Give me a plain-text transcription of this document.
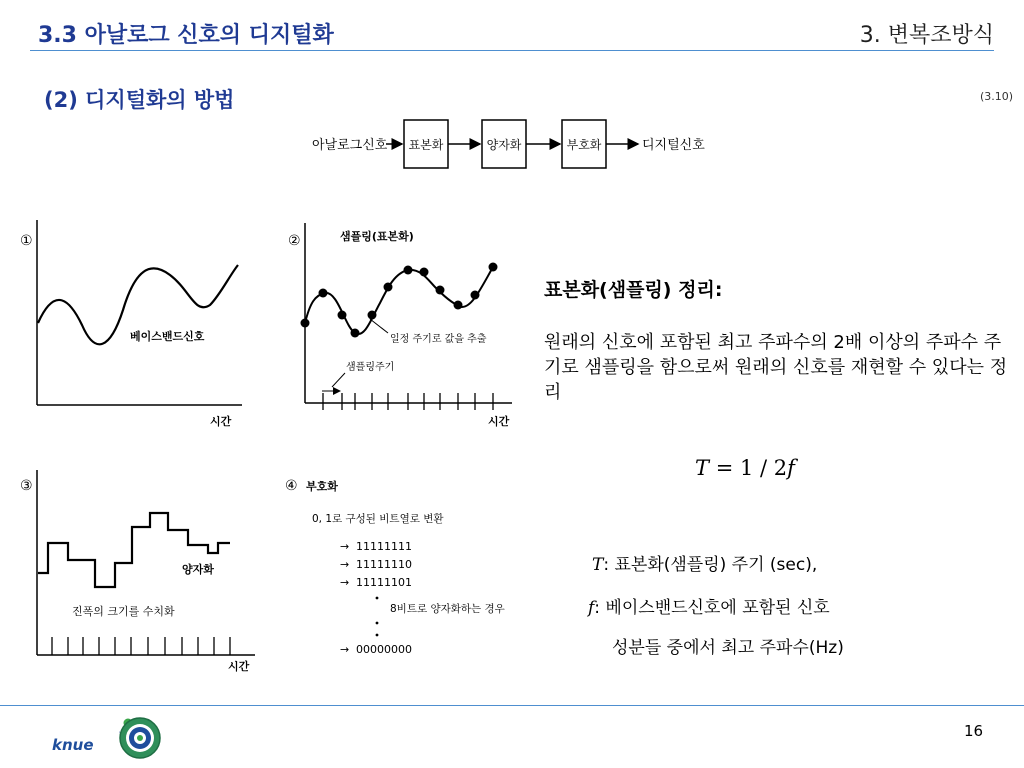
3.3 아날로그 신호의 디지털화	3. 변복조방식
(2) 디지털화의 방법	(3.10)
아날로그신호 표본화	양자화	부호화	디지털신호
①
베이스밴드신호
시간
②	샘플링(표본화)
일정 주기로 값을 추출
샘플링주기
시간
③
양자화
진폭의 크기를 수치화
시간
④ 부호화
0, 1로 구성된 비트열로 변환
→ 11111111
→ 11111110
→ 11111101
8비트로 양자화하는 경우
→ 00000000
표본화(샘플링) 정리:
원래의 신호에 포함된 최고 주파수의 2배 이상의 주파수 주기로 샘플링을 함으로써 원래의 신호를 재현할 수 있다는 정리
T = 1 / 2f
T: 표본화(샘플링) 주기 (sec),
f: 베이스밴드신호에 포함된 신호
성분들 중에서 최고 주파수(Hz)
knue
16
